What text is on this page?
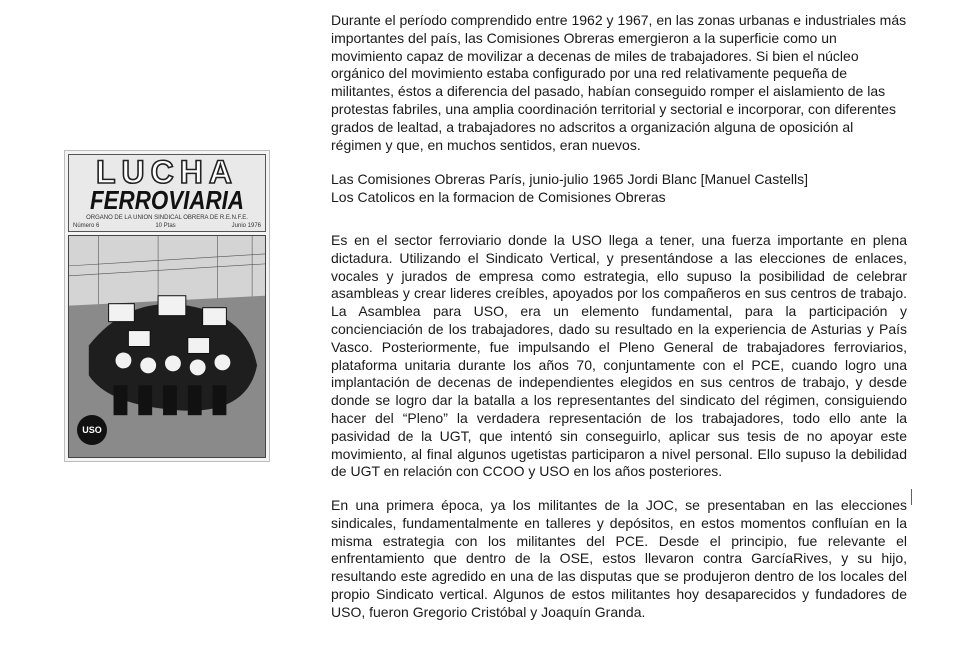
LUCHA
FERROVIARIA
ORGANO DE LA UNION SINDICAL OBRERA DE R.E.N.F.E.
Número 6	10 Ptas	Junio 1976
USO
Durante el período comprendido entre 1962 y 1967, en las zonas urbanas e industriales más importantes del país, las Comisiones Obreras emergieron a la superficie como un movimiento capaz de movilizar a decenas de miles de trabajadores. Si bien el núcleo orgánico del movimiento estaba configurado por una red relativamente pequeña de militantes, éstos a diferencia del pasado, habían conseguido romper el aislamiento de las protestas fabriles, una amplia coordinación territorial y sectorial e incorporar, con diferentes grados de lealtad, a trabajadores no adscritos a organización alguna de oposición al régimen y que, en muchos sentidos, eran nuevos.
Las Comisiones Obreras París, junio-julio 1965 Jordi Blanc [Manuel Castells]
Los Catolicos en la formacion de Comisiones Obreras
Es en el sector ferroviario donde la USO llega a tener, una fuerza importante en plena dictadura. Utilizando el Sindicato Vertical, y presentándose a las elecciones de enlaces, vocales y jurados de empresa como estrategia, ello supuso la posibilidad de celebrar asambleas y crear lideres creíbles, apoyados por los compañeros en sus centros de trabajo. La Asamblea para USO, era un elemento fundamental, para la participación y concienciación de los trabajadores, dado su resultado en la experiencia de Asturias y País Vasco. Posteriormente, fue impulsando el Pleno General de trabajadores ferroviarios, plataforma unitaria durante los años 70, conjuntamente con el PCE, cuando logro una implantación de decenas de independientes elegidos en sus centros de trabajo, y desde donde se logro dar la batalla a los representantes del sindicato del régimen, consiguiendo hacer del “Pleno” la verdadera representación de los trabajadores, todo ello ante la pasividad de la UGT, que intentó sin conseguirlo, aplicar sus tesis de no apoyar este movimiento, al final algunos ugetistas participaron a nivel personal. Ello supuso la debilidad de UGT en relación con CCOO y USO en los años posteriores.
En una primera época, ya los militantes de la JOC, se presentaban en las elecciones sindicales, fundamentalmente en talleres y depósitos, en estos momentos confluían en la misma estrategia con los militantes del PCE. Desde el principio, fue relevante el enfrentamiento que dentro de la OSE, estos llevaron contra GarcíaRives, y su hijo, resultando este agredido en una de las disputas que se produjeron dentro de los locales del propio Sindicato vertical. Algunos de estos militantes hoy desaparecidos y fundadores de USO, fueron Gregorio Cristóbal y Joaquín Granda.
